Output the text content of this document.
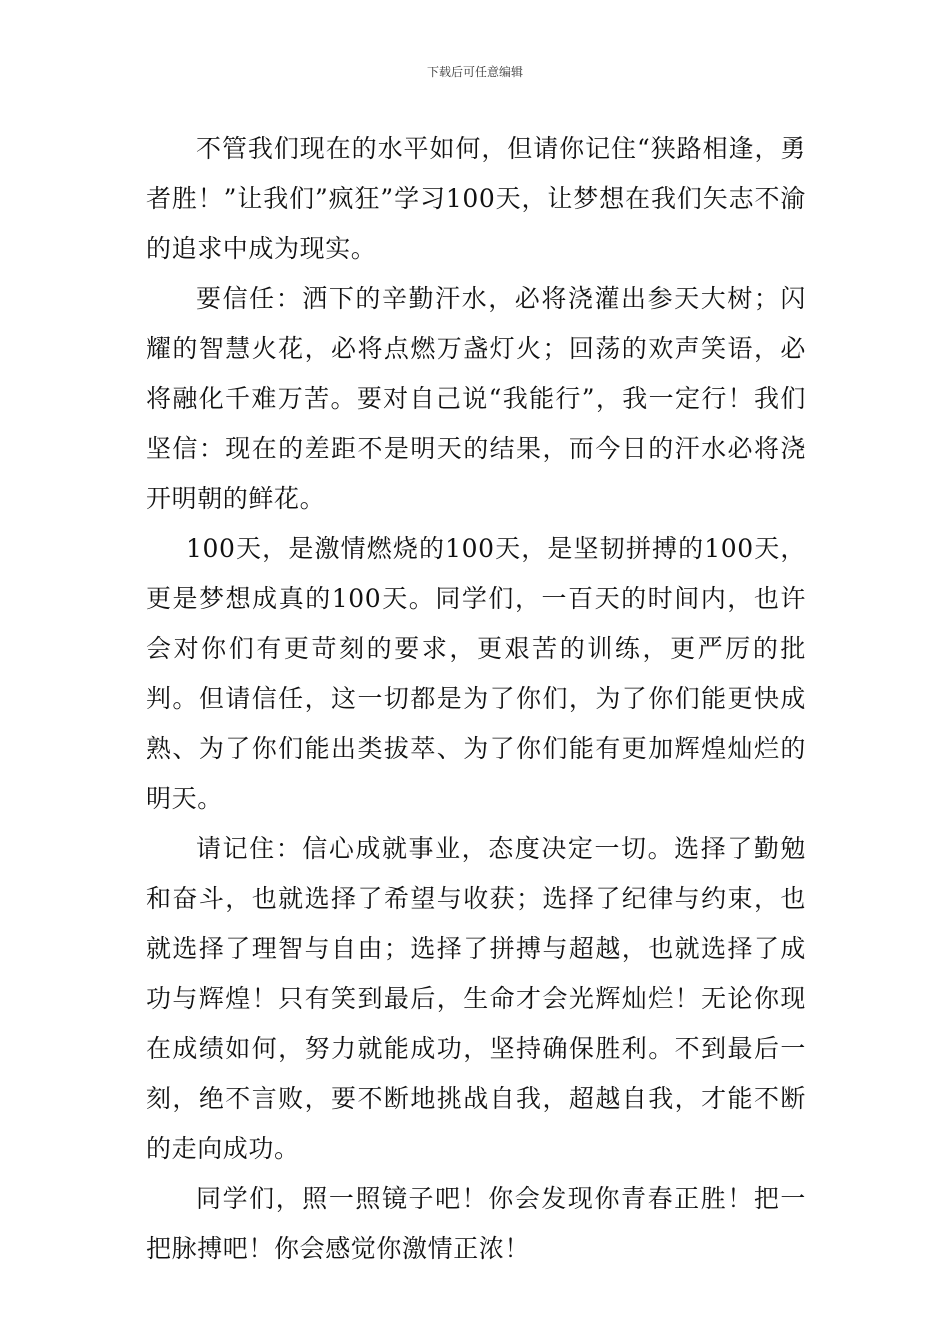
下载后可任意编辑

不管我们现在的水平如何，但请你记住“狭路相逢，勇者胜！”让我们”疯狂”学习100天，让梦想在我们矢志不渝的追求中成为现实。

要信任：洒下的辛勤汗水，必将浇灌出参天大树；闪耀的智慧火花，必将点燃万盏灯火；回荡的欢声笑语，必将融化千难万苦。要对自己说“我能行”，我一定行！我们坚信：现在的差距不是明天的结果，而今日的汗水必将浇开明朝的鲜花。

100天，是激情燃烧的100天，是坚韧拼搏的100天，更是梦想成真的100天。同学们，一百天的时间内，也许会对你们有更苛刻的要求，更艰苦的训练，更严厉的批判。但请信任，这一切都是为了你们，为了你们能更快成熟、为了你们能出类拔萃、为了你们能有更加辉煌灿烂的明天。

请记住：信心成就事业，态度决定一切。选择了勤勉和奋斗，也就选择了希望与收获；选择了纪律与约束，也就选择了理智与自由；选择了拼搏与超越，也就选择了成功与辉煌！只有笑到最后，生命才会光辉灿烂！无论你现在成绩如何，努力就能成功，坚持确保胜利。不到最后一刻，绝不言败，要不断地挑战自我，超越自我，才能不断的走向成功。

同学们，照一照镜子吧！你会发现你青春正胜！把一把脉搏吧！你会感觉你激情正浓！
